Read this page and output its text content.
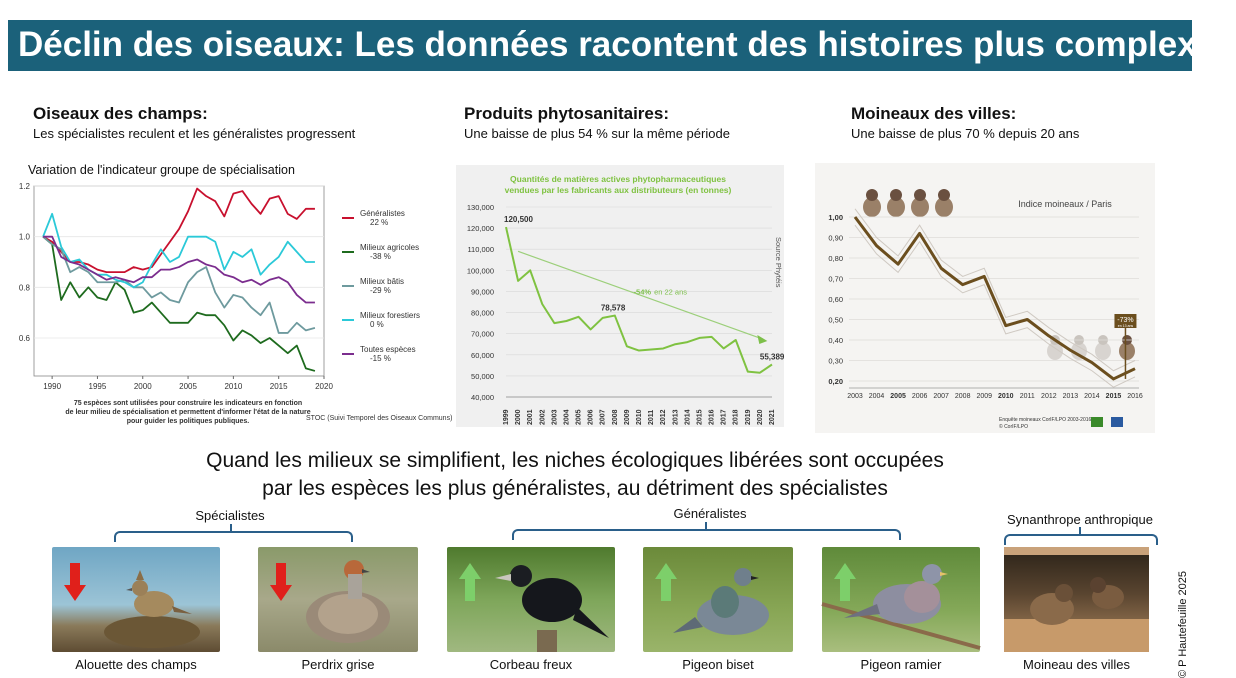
Déclin des oiseaux: Les données racontent des histoires plus complexes
Oiseaux des champs:
Les spécialistes reculent et les généralistes progressent
Produits phytosanitaires:
Une baisse de plus 54 % sur la même période
Moineaux des villes:
Une baisse de plus 70 % depuis 20 ans
Variation de l'indicateur groupe de spécialisation
0.6
0.8
1.0
1.2
1990	1995	2000	2005	2010	2015	2020
Généralistes
22 %
Milieux agricoles
-38 %
Milieux bâtis
-29 %
Milieux forestiers
0 %
Toutes espèces
-15 %
75 espèces sont utilisées pour construire les indicateurs en fonction
de leur milieu de spécialisation et permettent d'informer l'état de la nature
pour guider les politiques publiques.	STOC (Suivi Temporel des Oiseaux Communs)
Quantités de matières actives phytopharmaceutiques
vendues par les fabricants aux distributeurs (en tonnes)
-54% en 22 ans
120,500
78,578
55,389
40,000
50,000
60,000
70,000
80,000
90,000
100,000
110,000
120,000
130,000
1999 2000 2001 2002 2003 2004 2005 2006 2007 2008 2009 2010 2011 2012 2013 2014 2015 2016 2017 2018 2019 2020 2021
Source Phytéis
Indice moineaux / Paris
0,20
0,30
0,40
0,50
0,60
0,70
0,80
0,90
1,00
2003 2004 2005 2006 2007 2008 2009 2010 2011 2012 2013 2014 2015 2016
-73%
en 13 ans
Enquête moineaux CorIF/LPO 2003-2016
© CorIF/LPO
Quand les milieux se simplifient, les niches écologiques libérées sont occupées
par les espèces les plus généralistes, au détriment des spécialistes
Spécialistes	Généralistes	Synanthrope anthropique
Alouette des champs	Perdrix grise	Corbeau freux	Pigeon biset	Pigeon ramier	Moineau des villes	© P Hautefeuille 2025
